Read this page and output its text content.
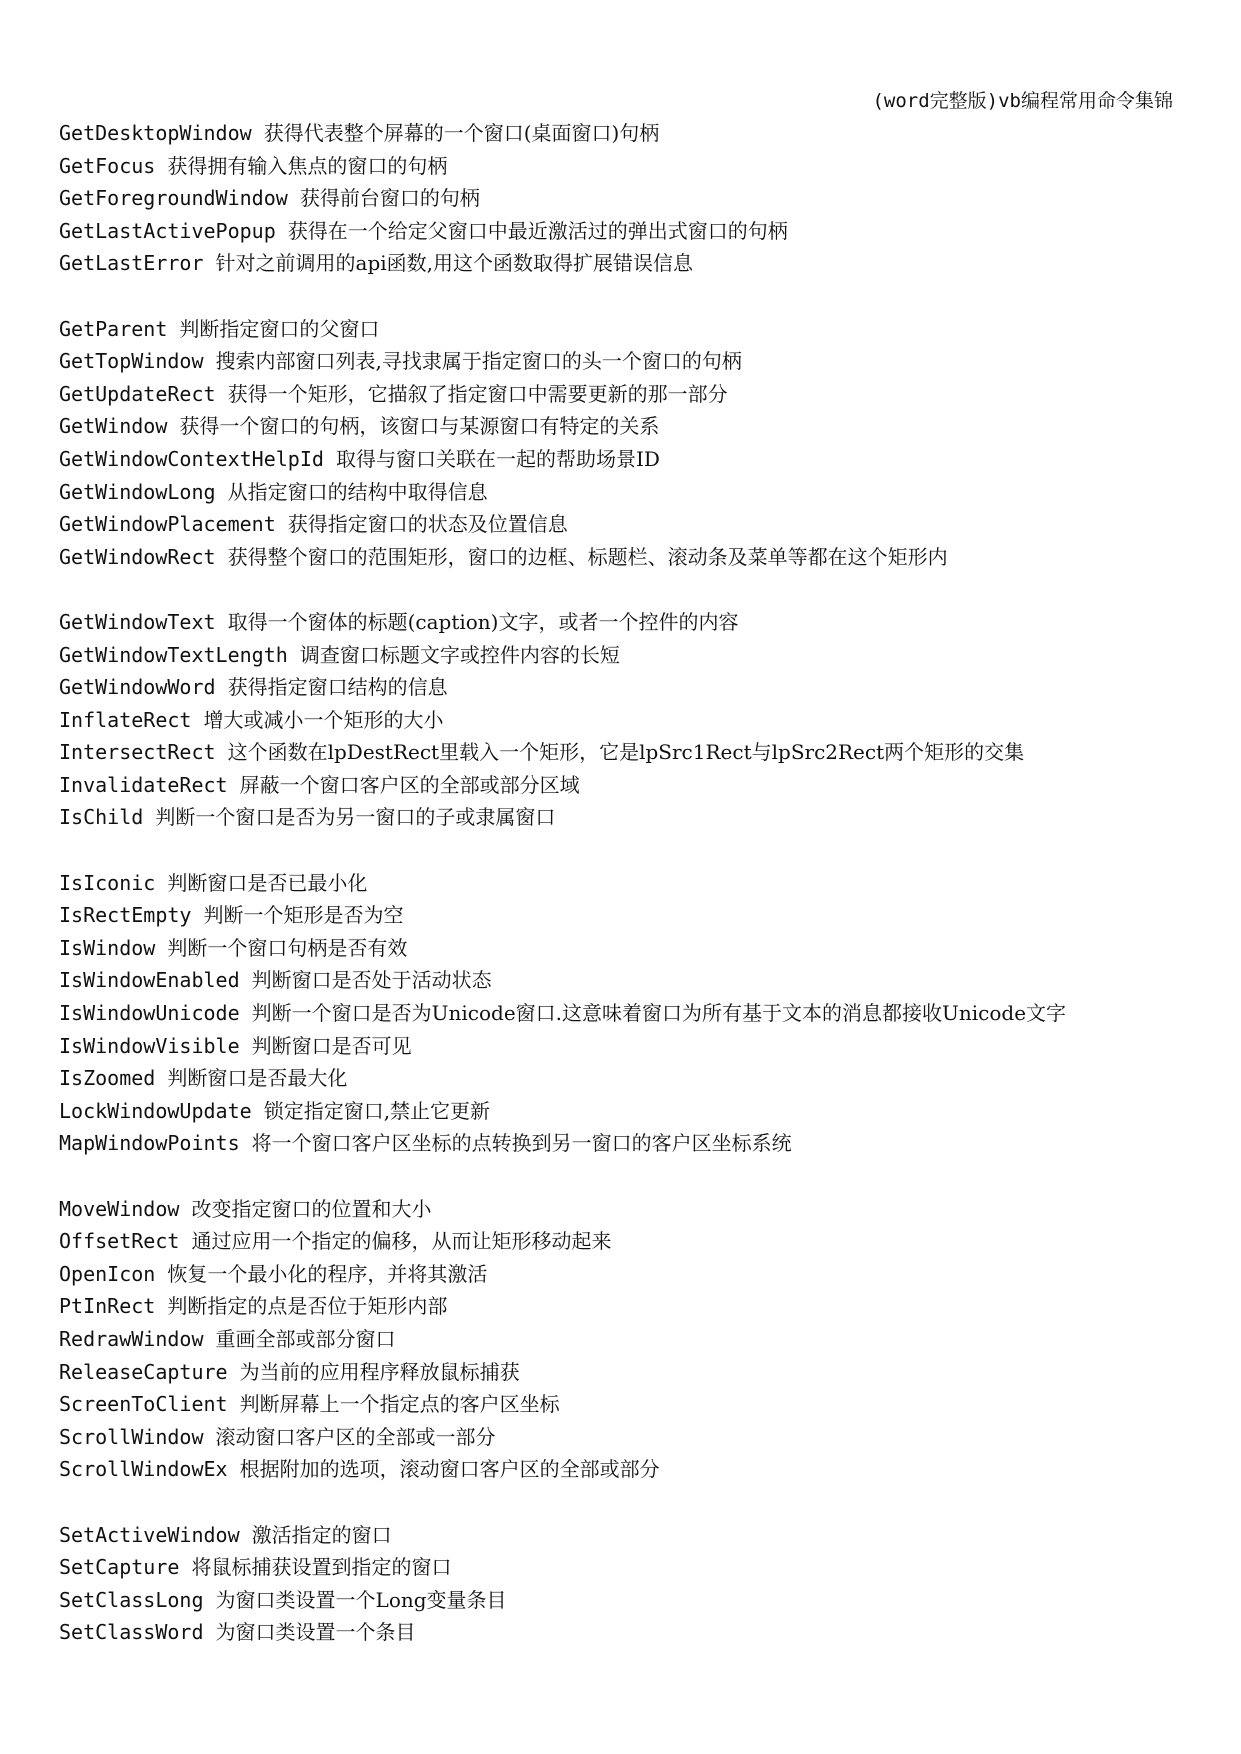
(word完整版)vb编程常用命令集锦
GetDesktopWindow 获得代表整个屏幕的一个窗口(桌面窗口)句柄
GetFocus 获得拥有输入焦点的窗口的句柄
GetForegroundWindow 获得前台窗口的句柄
GetLastActivePopup 获得在一个给定父窗口中最近激活过的弹出式窗口的句柄
GetLastError 针对之前调用的api函数,用这个函数取得扩展错误信息
GetParent 判断指定窗口的父窗口
GetTopWindow 搜索内部窗口列表,寻找隶属于指定窗口的头一个窗口的句柄
GetUpdateRect 获得一个矩形，它描叙了指定窗口中需要更新的那一部分
GetWindow 获得一个窗口的句柄，该窗口与某源窗口有特定的关系
GetWindowContextHelpId 取得与窗口关联在一起的帮助场景ID
GetWindowLong 从指定窗口的结构中取得信息
GetWindowPlacement 获得指定窗口的状态及位置信息
GetWindowRect 获得整个窗口的范围矩形，窗口的边框、标题栏、滚动条及菜单等都在这个矩形内
GetWindowText 取得一个窗体的标题(caption)文字，或者一个控件的内容
GetWindowTextLength 调查窗口标题文字或控件内容的长短
GetWindowWord 获得指定窗口结构的信息
InflateRect 增大或减小一个矩形的大小
IntersectRect 这个函数在lpDestRect里载入一个矩形，它是lpSrc1Rect与lpSrc2Rect两个矩形的交集
InvalidateRect 屏蔽一个窗口客户区的全部或部分区域
IsChild 判断一个窗口是否为另一窗口的子或隶属窗口
IsIconic 判断窗口是否已最小化
IsRectEmpty 判断一个矩形是否为空
IsWindow 判断一个窗口句柄是否有效
IsWindowEnabled 判断窗口是否处于活动状态
IsWindowUnicode 判断一个窗口是否为Unicode窗口.这意味着窗口为所有基于文本的消息都接收Unicode文字
IsWindowVisible 判断窗口是否可见
IsZoomed 判断窗口是否最大化
LockWindowUpdate 锁定指定窗口,禁止它更新
MapWindowPoints 将一个窗口客户区坐标的点转换到另一窗口的客户区坐标系统
MoveWindow 改变指定窗口的位置和大小
OffsetRect 通过应用一个指定的偏移，从而让矩形移动起来
OpenIcon 恢复一个最小化的程序，并将其激活
PtInRect 判断指定的点是否位于矩形内部
RedrawWindow 重画全部或部分窗口
ReleaseCapture 为当前的应用程序释放鼠标捕获
ScreenToClient 判断屏幕上一个指定点的客户区坐标
ScrollWindow 滚动窗口客户区的全部或一部分
ScrollWindowEx 根据附加的选项，滚动窗口客户区的全部或部分
SetActiveWindow 激活指定的窗口
SetCapture 将鼠标捕获设置到指定的窗口
SetClassLong 为窗口类设置一个Long变量条目
SetClassWord 为窗口类设置一个条目
